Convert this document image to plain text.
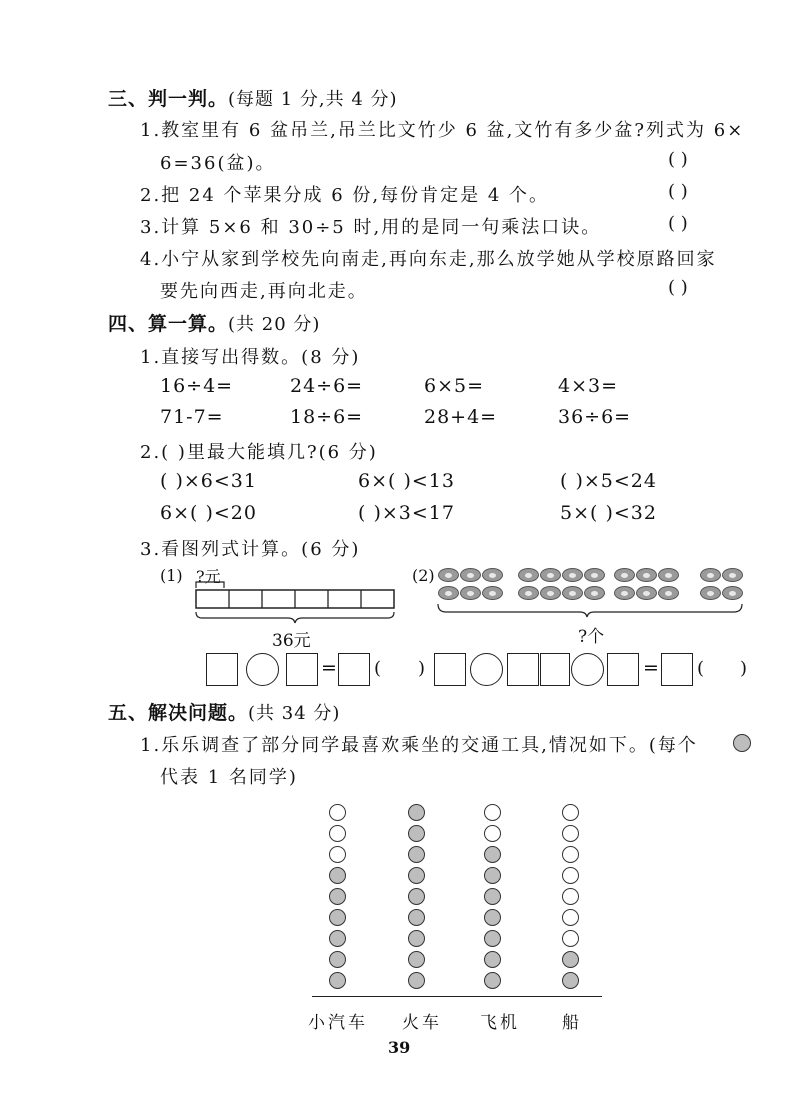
三、判一判。(每题 1 分,共 4 分)
1.教室里有 6 盆吊兰,吊兰比文竹少 6 盆,文竹有多少盆?列式为 6×
6=36(盆)。	( )
2.把 24 个苹果分成 6 份,每份肯定是 4 个。	( )
3.计算 5×6 和 30÷5 时,用的是同一句乘法口诀。	( )
4.小宁从家到学校先向南走,再向东走,那么放学她从学校原路回家
要先向西走,再向北走。	( )
四、算一算。(共 20 分)
1.直接写出得数。(8 分)
16÷4=	24÷6=	6×5=	4×3=
71-7=	18÷6=	28+4=	36÷6=
2.( )里最大能填几?(6 分)
( )×6<31	6×( )<13	( )×5<24
6×( )<20	( )×3<17	5×( )<32
3.看图列式计算。(6 分)
(1) ?元
36元
(2)
?个
= ( )	= ( )
五、解决问题。(共 34 分)
1.乐乐调查了部分同学最喜欢乘坐的交通工具,情况如下。(每个
代表 1 名同学)
小汽车 火车 飞机 船
39
